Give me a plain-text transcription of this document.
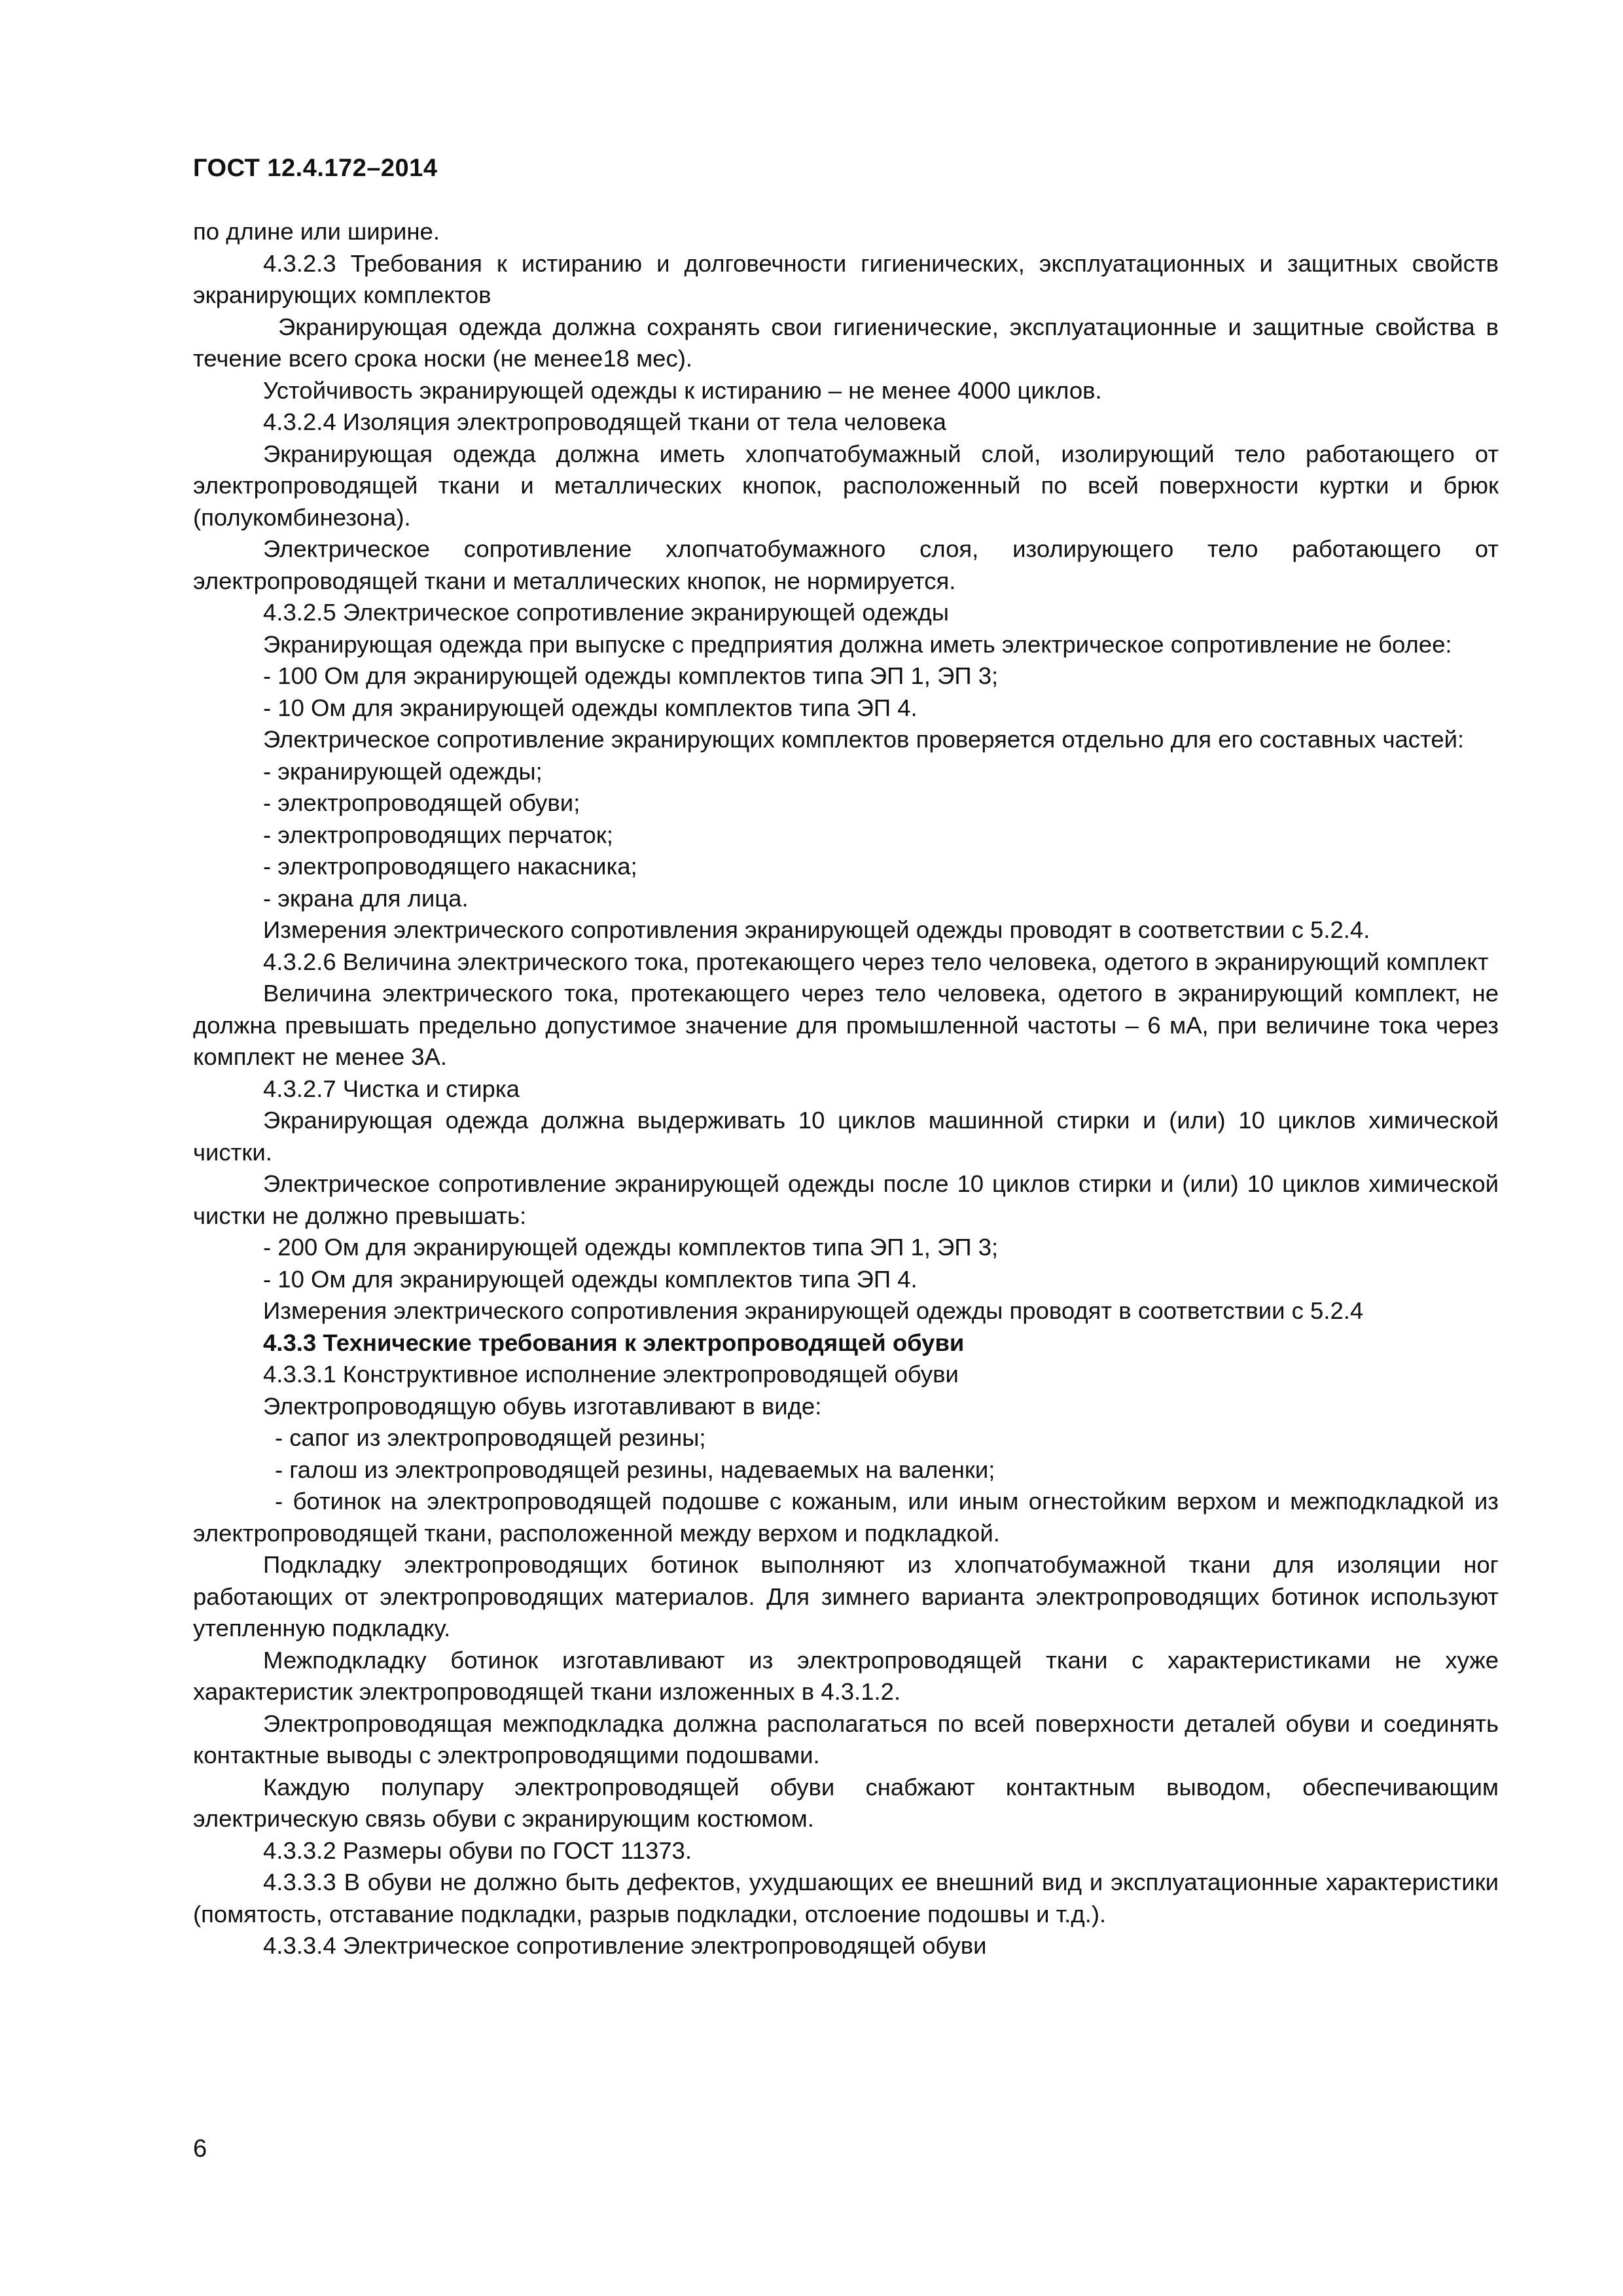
ГОСТ 12.4.172–2014

по длине или ширине.

4.3.2.3 Требования к истиранию и долговечности гигиенических, эксплуатационных и защитных свойств экранирующих комплектов

Экранирующая одежда должна сохранять свои гигиенические, эксплуатационные и защитные свойства в течение всего срока носки (не менее18 мес).

Устойчивость экранирующей одежды к истиранию – не менее 4000 циклов.

4.3.2.4 Изоляция электропроводящей ткани от тела человека

Экранирующая одежда должна иметь хлопчатобумажный слой, изолирующий тело работающего от электропроводящей ткани и металлических кнопок, расположенный по всей поверхности куртки и брюк (полукомбинезона).

Электрическое сопротивление хлопчатобумажного слоя, изолирующего тело работающего от электропроводящей ткани и металлических кнопок, не нормируется.

4.3.2.5 Электрическое сопротивление экранирующей одежды

Экранирующая одежда при выпуске с предприятия должна иметь электрическое сопротивление не более:

- 100 Ом для экранирующей одежды комплектов типа ЭП 1, ЭП 3;

- 10 Ом для экранирующей одежды комплектов типа ЭП 4.

Электрическое сопротивление экранирующих комплектов проверяется отдельно для его составных частей:

- экранирующей одежды;

- электропроводящей обуви;

- электропроводящих перчаток;

- электропроводящего накасника;

- экрана для лица.

Измерения электрического сопротивления экранирующей одежды проводят в соответствии с 5.2.4.

4.3.2.6 Величина электрического тока, протекающего через тело человека, одетого в экранирующий комплект

Величина электрического тока, протекающего через тело человека, одетого в экранирующий комплект, не должна превышать предельно допустимое значение для промышленной частоты – 6 мА, при величине тока через комплект не менее 3А.

4.3.2.7 Чистка и стирка

Экранирующая одежда должна выдерживать 10 циклов машинной стирки и (или) 10 циклов химической чистки.

Электрическое сопротивление экранирующей одежды после 10 циклов стирки и (или) 10 циклов химической чистки не должно превышать:

- 200 Ом для экранирующей одежды комплектов типа ЭП 1, ЭП 3;

- 10 Ом для экранирующей одежды комплектов типа ЭП 4.

Измерения электрического сопротивления экранирующей одежды проводят в соответствии с 5.2.4

4.3.3 Технические требования к электропроводящей обуви

4.3.3.1 Конструктивное исполнение электропроводящей обуви

Электропроводящую обувь изготавливают в виде:

- сапог из электропроводящей резины;

- галош из электропроводящей резины, надеваемых на валенки;

- ботинок на электропроводящей подошве с кожаным, или иным огнестойким верхом и межподкладкой из электропроводящей ткани, расположенной между верхом и подкладкой.

Подкладку электропроводящих ботинок выполняют из хлопчатобумажной ткани для изоляции ног работающих от электропроводящих материалов. Для зимнего варианта электропроводящих ботинок используют утепленную подкладку.

Межподкладку ботинок изготавливают из электропроводящей ткани с характеристиками не хуже характеристик электропроводящей ткани изложенных в 4.3.1.2.

Электропроводящая межподкладка должна располагаться по всей поверхности деталей обуви и соединять контактные выводы с электропроводящими подошвами.

Каждую полупару электропроводящей обуви снабжают контактным выводом, обеспечивающим электрическую связь обуви с экранирующим костюмом.

4.3.3.2 Размеры обуви по ГОСТ 11373.

4.3.3.3 В обуви не должно быть дефектов, ухудшающих ее внешний вид и эксплуатационные характеристики (помятость, отставание подкладки, разрыв подкладки, отслоение подошвы и т.д.).

4.3.3.4 Электрическое сопротивление электропроводящей обуви

6
